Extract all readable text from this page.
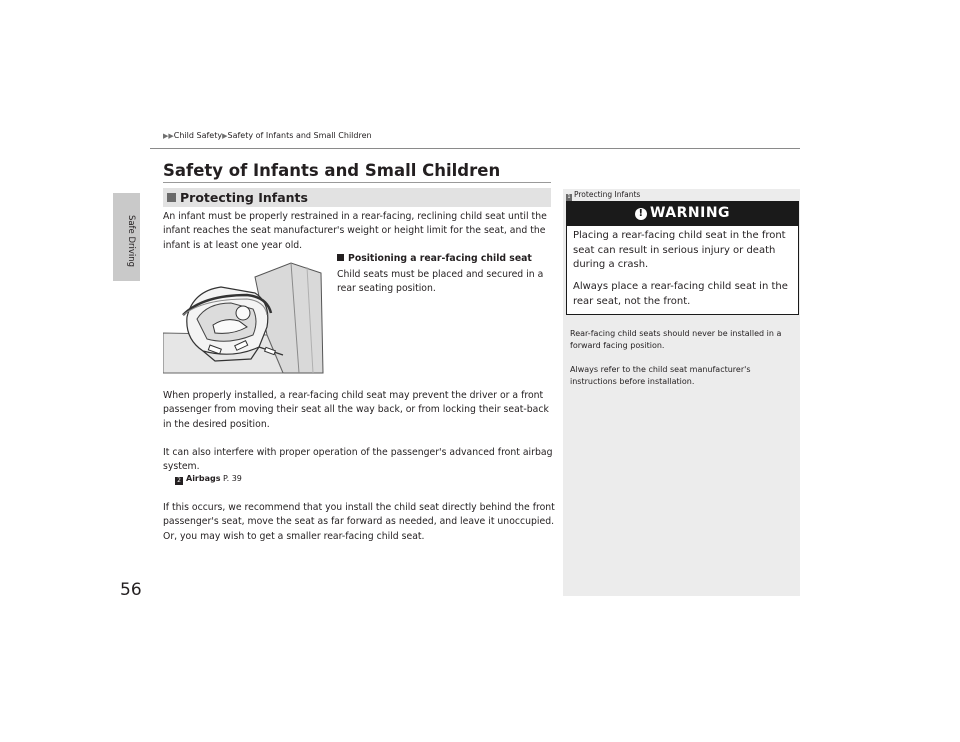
Safe Driving
56
▶▶Child Safety▶Safety of Infants and Small Children
Safety of Infants and Small Children
Protecting Infants
An infant must be properly restrained in a rear-facing, reclining child seat until the infant reaches the seat manufacturer's weight or height limit for the seat, and the infant is at least one year old.
Positioning a rear-facing child seat
Child seats must be placed and secured in a rear seating position.
When properly installed, a rear-facing child seat may prevent the driver or a front passenger from moving their seat all the way back, or from locking their seat-back in the desired position.
It can also interfere with proper operation of the passenger's advanced front airbag system.
2 Airbags P. 39
If this occurs, we recommend that you install the child seat directly behind the front passenger's seat, move the seat as far forward as needed, and leave it unoccupied. Or, you may wish to get a smaller rear-facing child seat.
1 Protecting Infants
! WARNING
Placing a rear-facing child seat in the front seat can result in serious injury or death during a crash.
Always place a rear-facing child seat in the rear seat, not the front.
Rear-facing child seats should never be installed in a forward facing position.
Always refer to the child seat manufacturer's instructions before installation.
